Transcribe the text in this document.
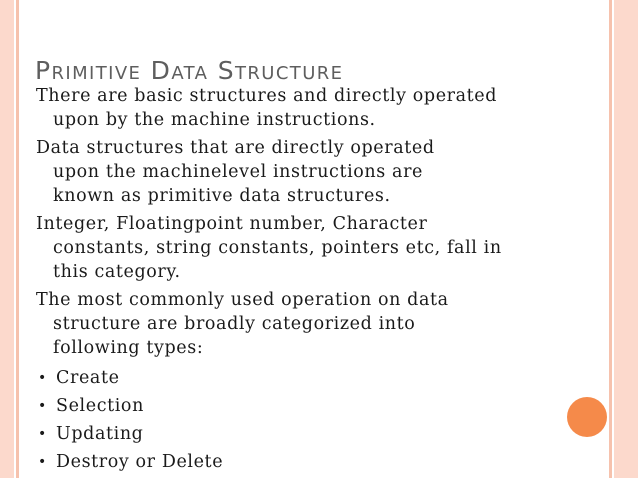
Primitive Data Structure

There are basic structures and directly operated
upon by the machine instructions.

Data structures that are directly operated
upon the machinelevel instructions are
known as primitive data structures.

Integer, Floatingpoint number, Character
constants, string constants, pointers etc, fall in
this category.

The most commonly used operation on data
structure are broadly categorized into
following types:

• Create
• Selection
• Updating
• Destroy or Delete
